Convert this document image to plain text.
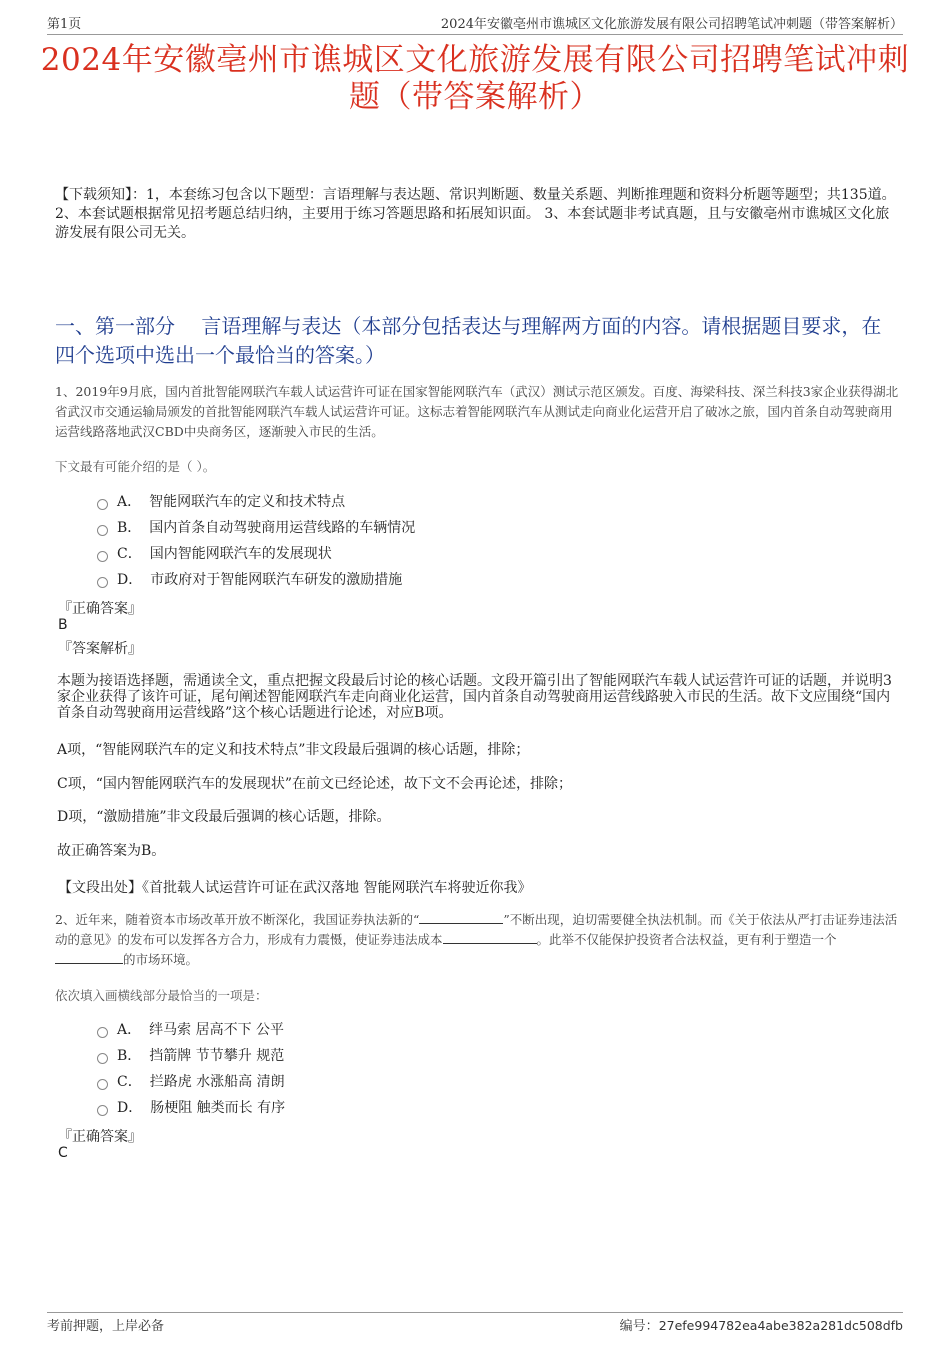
第1页	2024年安徽亳州市谯城区文化旅游发展有限公司招聘笔试冲刺题（带答案解析）
2024年安徽亳州市谯城区文化旅游发展有限公司招聘笔试冲刺题（带答案解析）
【下载须知】：1，本套练习包含以下题型：言语理解与表达题、常识判断题、数量关系题、判断推理题和资料分析题等题型；共135道。 2、本套试题根据常见招考题总结归纳，主要用于练习答题思路和拓展知识面。 3、本套试题非考试真题，且与安徽亳州市谯城区文化旅游发展有限公司无关。
一、第一部分　 言语理解与表达（本部分包括表达与理解两方面的内容。请根据题目要求，在四个选项中选出一个最恰当的答案。）
1、2019年9月底，国内首批智能网联汽车载人试运营许可证在国家智能网联汽车（武汉）测试示范区颁发。百度、海梁科技、深兰科技3家企业获得湖北省武汉市交通运输局颁发的首批智能网联汽车载人试运营许可证。这标志着智能网联汽车从测试走向商业化运营开启了破冰之旅，国内首条自动驾驶商用运营线路落地武汉CBD中央商务区，逐渐驶入市民的生活。
下文最有可能介绍的是（ ）。
A． 智能网联汽车的定义和技术特点
B． 国内首条自动驾驶商用运营线路的车辆情况
C． 国内智能网联汽车的发展现状
D． 市政府对于智能网联汽车研发的激励措施
『正确答案』
B
『答案解析』
本题为接语选择题，需通读全文，重点把握文段最后讨论的核心话题。文段开篇引出了智能网联汽车载人试运营许可证的话题，并说明3家企业获得了该许可证，尾句阐述智能网联汽车走向商业化运营，国内首条自动驾驶商用运营线路驶入市民的生活。故下文应围绕“国内首条自动驾驶商用运营线路”这个核心话题进行论述，对应B项。
A项，“智能网联汽车的定义和技术特点”非文段最后强调的核心话题，排除；
C项，“国内智能网联汽车的发展现状”在前文已经论述，故下文不会再论述，排除；
D项，“激励措施”非文段最后强调的核心话题，排除。
故正确答案为B。
【文段出处】《首批载人试运营许可证在武汉落地 智能网联汽车将驶近你我》
2、近年来，随着资本市场改革开放不断深化，我国证券执法新的“	”不断出现，迫切需要健全执法机制。而《关于依法从严打击证券违法活动的意见》的发布可以发挥各方合力，形成有力震慑，使证券违法成本	。此举不仅能保护投资者合法权益，更有利于塑造一个的市场环境。
依次填入画横线部分最恰当的一项是：
A． 绊马索 居高不下 公平
B． 挡箭牌 节节攀升 规范
C． 拦路虎 水涨船高 清朗
D． 肠梗阻 触类而长 有序
『正确答案』
C
考前押题，上岸必备	编号：27efe994782ea4abe382a281dc508dfb
